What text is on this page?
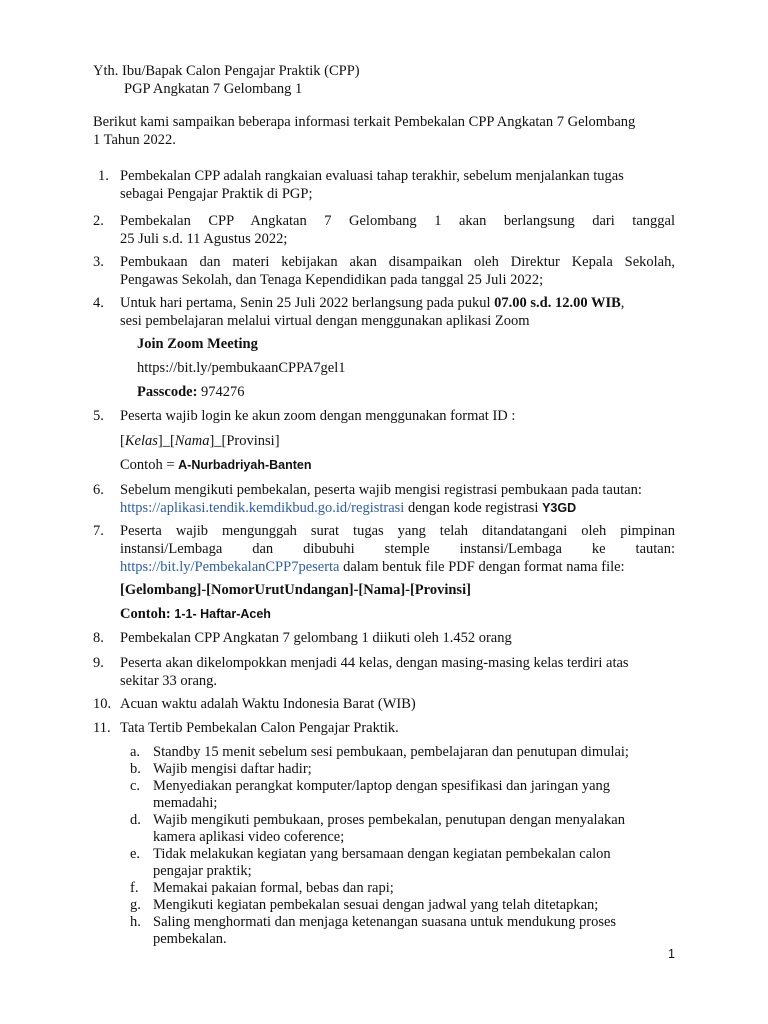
Yth. Ibu/Bapak Calon Pengajar Praktik (CPP)
PGP Angkatan 7 Gelombang 1
Berikut kami sampaikan beberapa informasi terkait Pembekalan CPP Angkatan 7 Gelombang
1 Tahun 2022.
1. Pembekalan CPP adalah rangkaian evaluasi tahap terakhir, sebelum menjalankan tugas
sebagai Pengajar Praktik di PGP;
2. Pembekalan CPP Angkatan 7 Gelombang 1 akan berlangsung dari tanggal
25 Juli s.d. 11 Agustus 2022;
3. Pembukaan dan materi kebijakan akan disampaikan oleh Direktur Kepala Sekolah,
Pengawas Sekolah, dan Tenaga Kependidikan pada tanggal 25 Juli 2022;
4. Untuk hari pertama, Senin 25 Juli 2022 berlangsung pada pukul 07.00 s.d. 12.00 WIB,
sesi pembelajaran melalui virtual dengan menggunakan aplikasi Zoom
Join Zoom Meeting
https://bit.ly/pembukaanCPPA7gel1
Passcode: 974276
5. Peserta wajib login ke akun zoom dengan menggunakan format ID :
[Kelas]_[Nama]_[Provinsi]
Contoh = A-Nurbadriyah-Banten
6. Sebelum mengikuti pembekalan, peserta wajib mengisi registrasi pembukaan pada tautan:
https://aplikasi.tendik.kemdikbud.go.id/registrasi dengan kode registrasi Y3GD
7. Peserta wajib mengunggah surat tugas yang telah ditandatangani oleh pimpinan
instansi/Lembaga dan dibubuhi stemple instansi/Lembaga ke tautan:
https://bit.ly/PembekalanCPP7peserta dalam bentuk file PDF dengan format nama file:
[Gelombang]-[NomorUrutUndangan]-[Nama]-[Provinsi]
Contoh: 1-1- Haftar-Aceh
8. Pembekalan CPP Angkatan 7 gelombang 1 diikuti oleh 1.452 orang
9. Peserta akan dikelompokkan menjadi 44 kelas, dengan masing-masing kelas terdiri atas
sekitar 33 orang.
10. Acuan waktu adalah Waktu Indonesia Barat (WIB)
11. Tata Tertib Pembekalan Calon Pengajar Praktik.
a. Standby 15 menit sebelum sesi pembukaan, pembelajaran dan penutupan dimulai;
b. Wajib mengisi daftar hadir;
c. Menyediakan perangkat komputer/laptop dengan spesifikasi dan jaringan yang
memadahi;
d. Wajib mengikuti pembukaan, proses pembekalan, penutupan dengan menyalakan
kamera aplikasi video coference;
e. Tidak melakukan kegiatan yang bersamaan dengan kegiatan pembekalan calon
pengajar praktik;
f. Memakai pakaian formal, bebas dan rapi;
g. Mengikuti kegiatan pembekalan sesuai dengan jadwal yang telah ditetapkan;
h. Saling menghormati dan menjaga ketenangan suasana untuk mendukung proses
pembekalan.
1
